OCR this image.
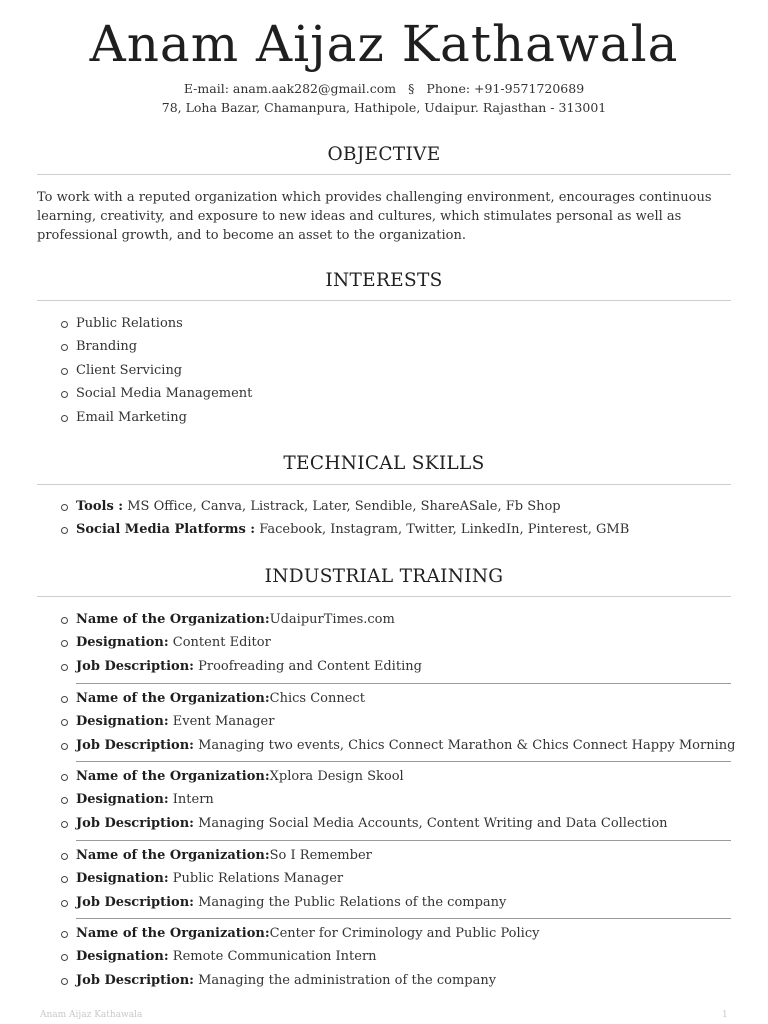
Anam Aijaz Kathawala
E-mail: anam.aak282@gmail.com § Phone: +91-9571720689
78, Loha Bazar, Chamanpura, Hathipole, Udaipur. Rajasthan - 313001
OBJECTIVE
To work with a reputed organization which provides challenging environment, encourages continuous learning, creativity, and exposure to new ideas and cultures, which stimulates personal as well as professional growth, and to become an asset to the organization.
INTERESTS
Public Relations
Branding
Client Servicing
Social Media Management
Email Marketing
TECHNICAL SKILLS
Tools : MS Office, Canva, Listrack, Later, Sendible, ShareASale, Fb Shop
Social Media Platforms : Facebook, Instagram, Twitter, LinkedIn, Pinterest, GMB
INDUSTRIAL TRAINING
Name of the Organization:UdaipurTimes.com
Designation: Content Editor
Job Description: Proofreading and Content Editing
Name of the Organization:Chics Connect
Designation: Event Manager
Job Description: Managing two events, Chics Connect Marathon & Chics Connect Happy Morning
Name of the Organization:Xplora Design Skool
Designation: Intern
Job Description: Managing Social Media Accounts, Content Writing and Data Collection
Name of the Organization:So I Remember
Designation: Public Relations Manager
Job Description: Managing the Public Relations of the company
Name of the Organization:Center for Criminology and Public Policy
Designation: Remote Communication Intern
Job Description: Managing the administration of the company
Anam Aijaz Kathawala	1
